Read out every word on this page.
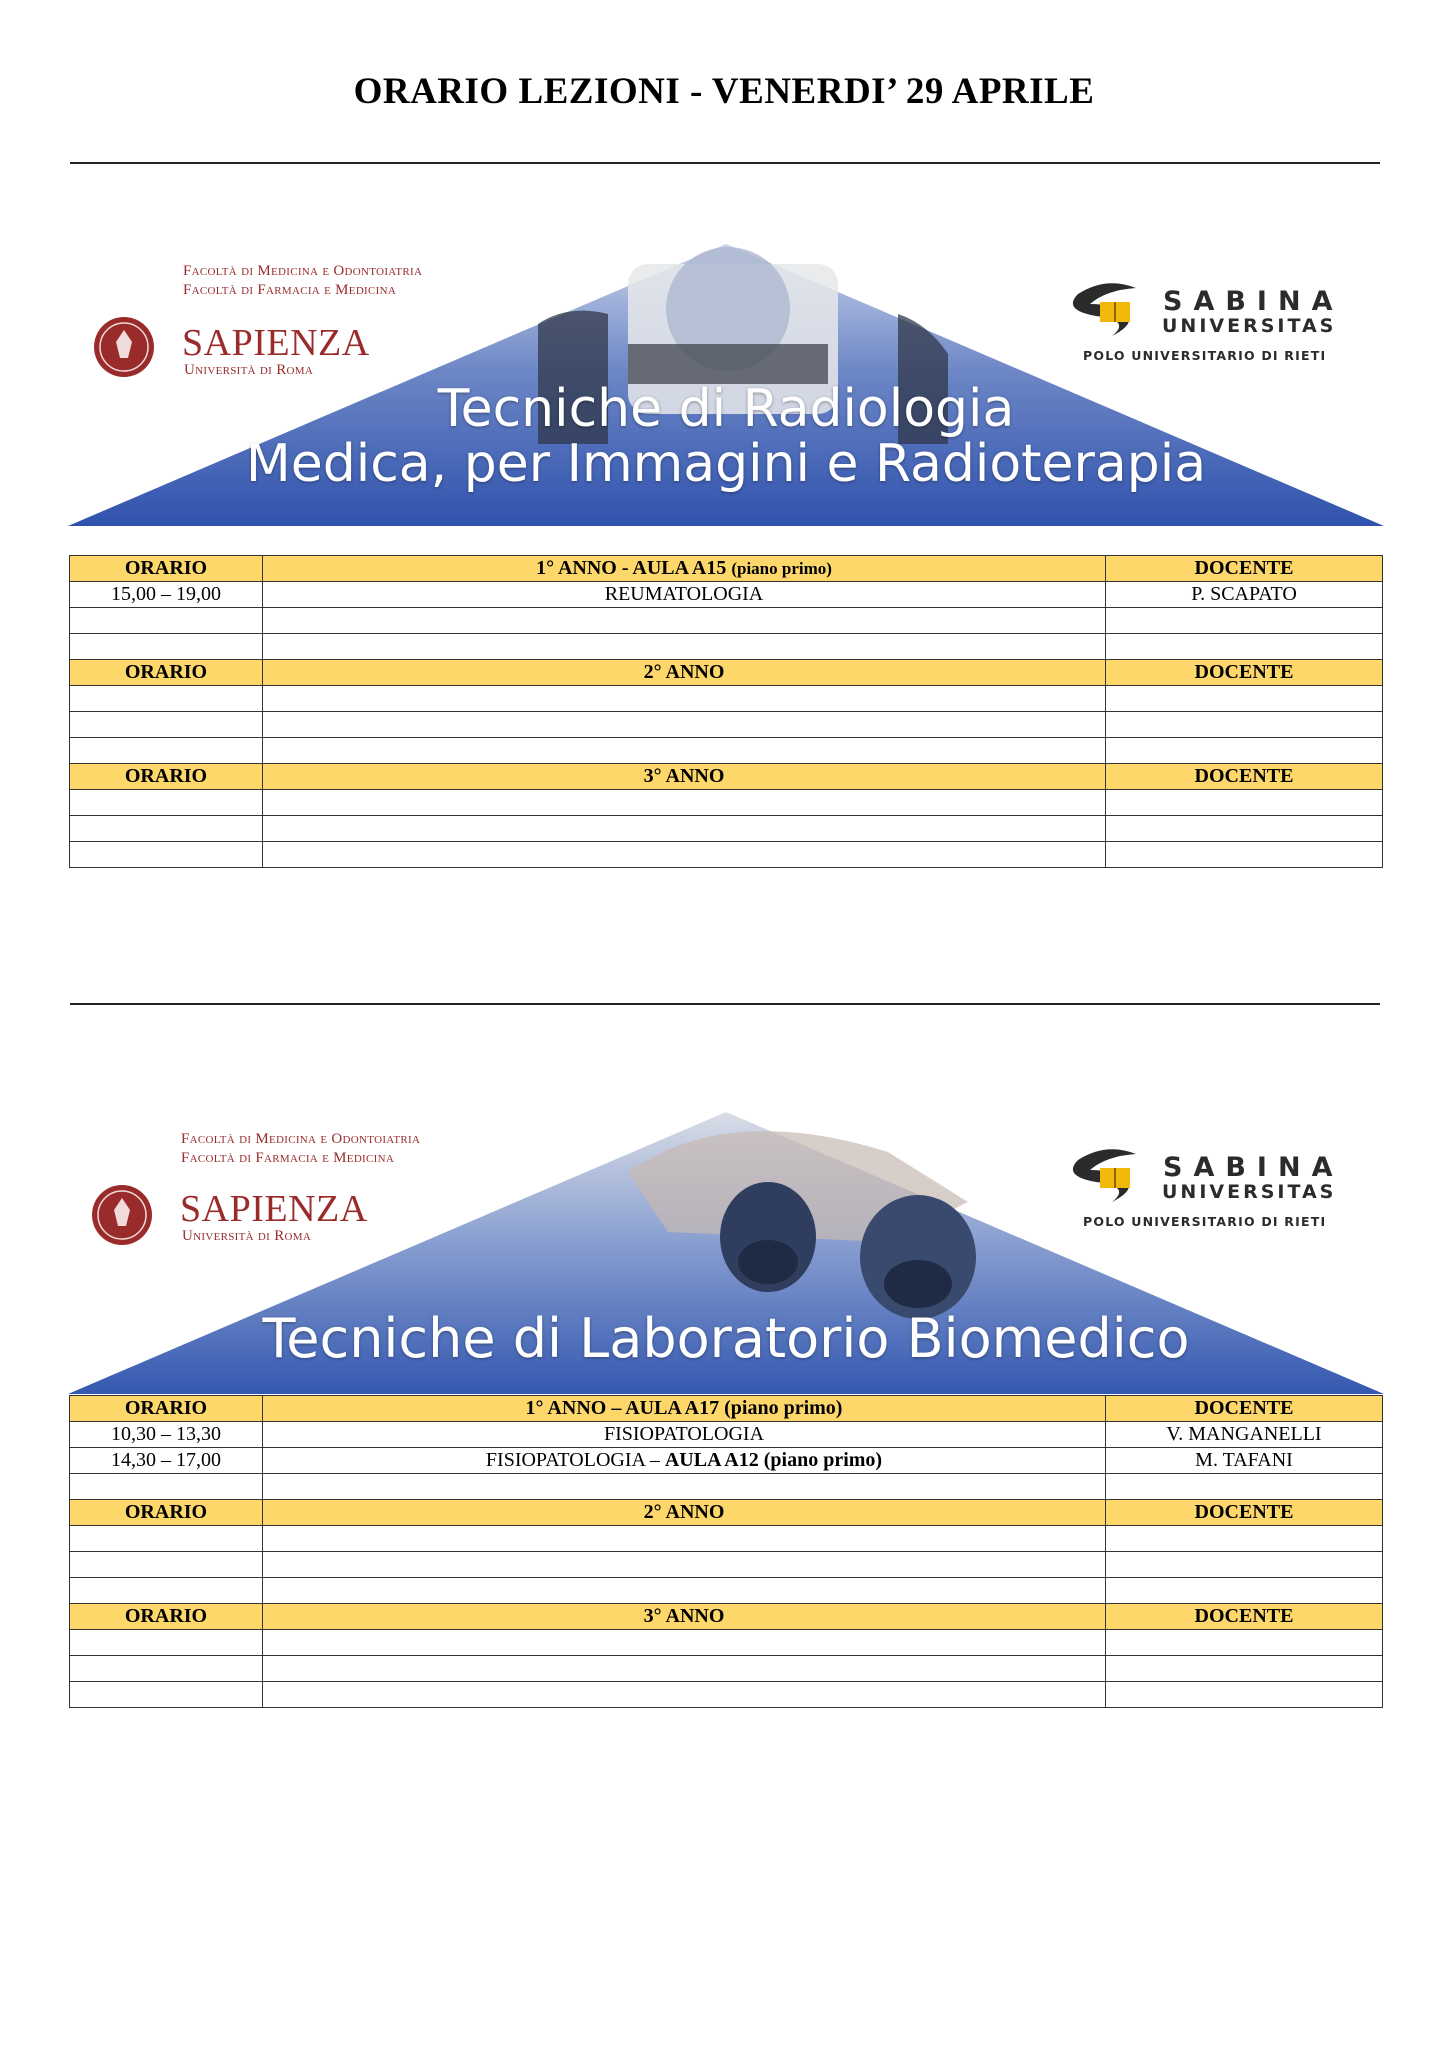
ORARIO LEZIONI - VENERDI’ 29 APRILE
Tecniche di Radiologia
Medica, per Immagini e Radioterapia
Facoltà di Medicina e Odontoiatria
Facoltà di Farmacia e Medicina
SAPIENZA
Università di Roma
SABINA
UNIVERSITAS
POLO UNIVERSITARIO DI RIETI
ORARIO	1° ANNO - AULA A15 (piano primo)	DOCENTE
15,00 – 19,00	REUMATOLOGIA	P. SCAPATO

ORARIO	2° ANNO	DOCENTE

ORARIO	3° ANNO	DOCENTE

Tecniche di Laboratorio Biomedico
Facoltà di Medicina e Odontoiatria
Facoltà di Farmacia e Medicina
SAPIENZA
Università di Roma
SABINA
UNIVERSITAS
POLO UNIVERSITARIO DI RIETI
ORARIO	1° ANNO – AULA A17 (piano primo)	DOCENTE
10,30 – 13,30	FISIOPATOLOGIA	V. MANGANELLI
14,30 – 17,00	FISIOPATOLOGIA – AULA A12 (piano primo)	M. TAFANI

ORARIO	2° ANNO	DOCENTE

ORARIO	3° ANNO	DOCENTE
